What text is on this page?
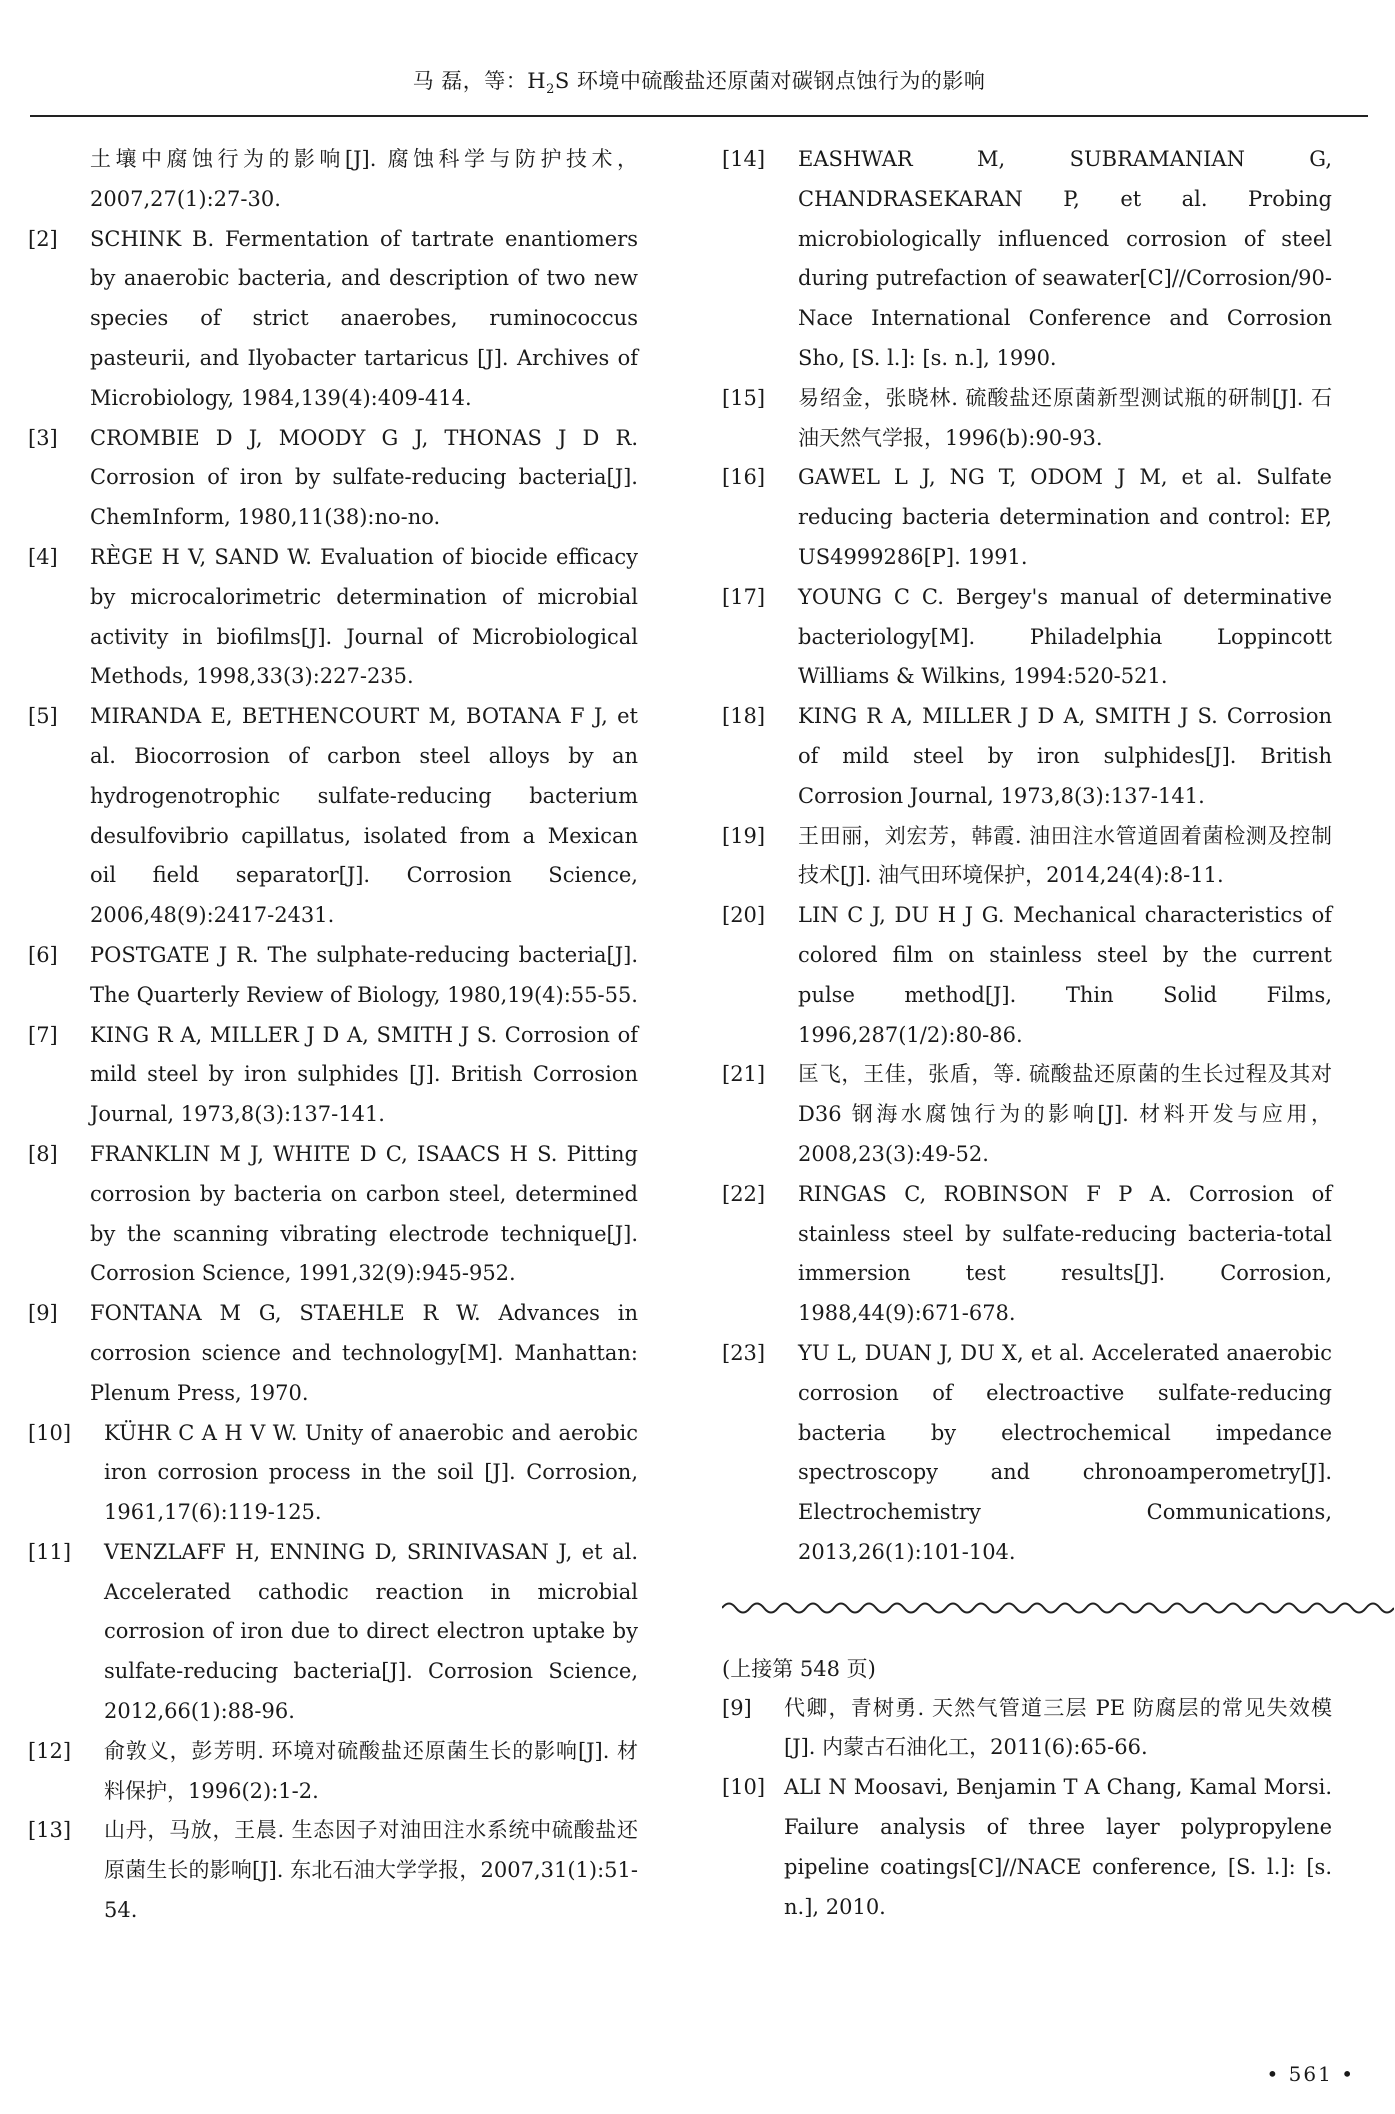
马 磊，等：$H_2S$ 环境中硫酸盐还原菌对碳钢点蚀行为的影响
土壤中腐蚀行为的影响[J]. 腐蚀科学与防护技术，2007,27(1):27-30.
[2]	SCHINK B. Fermentation of tartrate enantiomers by anaerobic bacteria, and description of two new species of strict anaerobes, ruminococcus pasteurii, and Ilyobacter tartaricus [J]. Archives of Microbiology, 1984,139(4):409-414.
[3]	CROMBIE D J, MOODY G J, THONAS J D R. Corrosion of iron by sulfate-reducing bacteria[J]. ChemInform, 1980,11(38):no-no.
[4]	RÈGE H V, SAND W. Evaluation of biocide efficacy by microcalorimetric determination of microbial activity in biofilms[J]. Journal of Microbiological Methods, 1998,33(3):227-235.
[5]	MIRANDA E, BETHENCOURT M, BOTANA F J, et al. Biocorrosion of carbon steel alloys by an hydrogenotrophic sulfate-reducing bacterium desulfovibrio capillatus, isolated from a Mexican oil field separator[J]. Corrosion Science, 2006,48(9):2417-2431.
[6]	POSTGATE J R. The sulphate-reducing bacteria[J]. The Quarterly Review of Biology, 1980,19(4):55-55.
[7]	KING R A, MILLER J D A, SMITH J S. Corrosion of mild steel by iron sulphides [J]. British Corrosion Journal, 1973,8(3):137-141.
[8]	FRANKLIN M J, WHITE D C, ISAACS H S. Pitting corrosion by bacteria on carbon steel, determined by the scanning vibrating electrode technique[J]. Corrosion Science, 1991,32(9):945-952.
[9]	FONTANA M G, STAEHLE R W. Advances in corrosion science and technology[M]. Manhattan: Plenum Press, 1970.
[10]	KÜHR C A H V W. Unity of anaerobic and aerobic iron corrosion process in the soil [J]. Corrosion, 1961,17(6):119-125.
[11]	VENZLAFF H, ENNING D, SRINIVASAN J, et al. Accelerated cathodic reaction in microbial corrosion of iron due to direct electron uptake by sulfate-reducing bacteria[J]. Corrosion Science, 2012,66(1):88-96.
[12]	俞敦义，彭芳明. 环境对硫酸盐还原菌生长的影响[J]. 材料保护，1996(2):1-2.
[13]	山丹，马放，王晨. 生态因子对油田注水系统中硫酸盐还原菌生长的影响[J]. 东北石油大学学报，2007,31(1):51-54.
[14]	EASHWAR M, SUBRAMANIAN G, CHANDRASEKARAN P, et al. Probing microbiologically influenced corrosion of steel during putrefaction of seawater[C]//Corrosion/90-Nace International Conference and Corrosion Sho, [S. l.]: [s. n.], 1990.
[15]	易绍金，张晓林. 硫酸盐还原菌新型测试瓶的研制[J]. 石油天然气学报，1996(b):90-93.
[16]	GAWEL L J, NG T, ODOM J M, et al. Sulfate reducing bacteria determination and control: EP, US4999286[P]. 1991.
[17]	YOUNG C C. Bergey's manual of determinative bacteriology[M]. Philadelphia Loppincott Williams & Wilkins, 1994:520-521.
[18]	KING R A, MILLER J D A, SMITH J S. Corrosion of mild steel by iron sulphides[J]. British Corrosion Journal, 1973,8(3):137-141.
[19]	王田丽，刘宏芳，韩霞. 油田注水管道固着菌检测及控制技术[J]. 油气田环境保护，2014,24(4):8-11.
[20]	LIN C J, DU H J G. Mechanical characteristics of colored film on stainless steel by the current pulse method[J]. Thin Solid Films, 1996,287(1/2):80-86.
[21]	匡飞，王佳，张盾，等. 硫酸盐还原菌的生长过程及其对 D36 钢海水腐蚀行为的影响[J]. 材料开发与应用，2008,23(3):49-52.
[22]	RINGAS C, ROBINSON F P A. Corrosion of stainless steel by sulfate-reducing bacteria-total immersion test results[J]. Corrosion, 1988,44(9):671-678.
[23]	YU L, DUAN J, DU X, et al. Accelerated anaerobic corrosion of electroactive sulfate-reducing bacteria by electrochemical impedance spectroscopy and chronoamperometry[J]. Electrochemistry Communications, 2013,26(1):101-104.
(上接第 548 页)
[9]	代卿，青树勇. 天然气管道三层 PE 防腐层的常见失效模[J]. 内蒙古石油化工，2011(6):65-66.
[10] ALI N Moosavi, Benjamin T A Chang, Kamal Morsi. Failure analysis of three layer polypropylene pipeline coatings[C]//NACE conference, [S. l.]: [s. n.], 2010.
• 561 •
